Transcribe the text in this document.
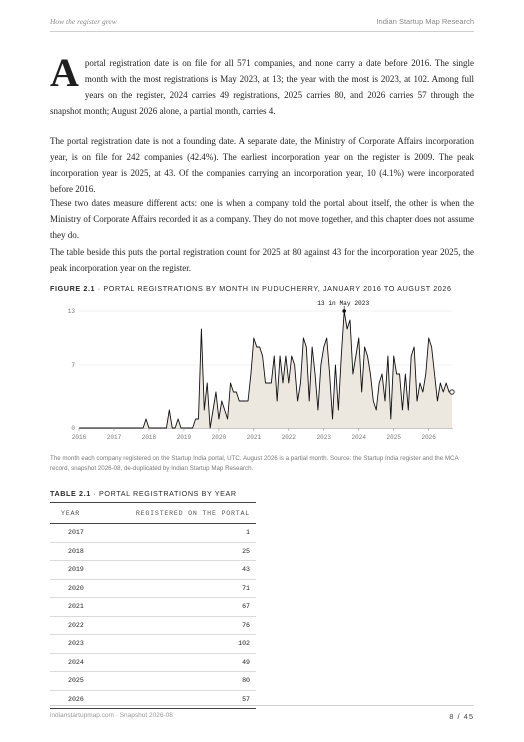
How the register grew	Indian Startup Map Research
A portal registration date is on file for all 571 companies, and none carry a date before 2016. The single month with the most registrations is May 2023, at 13; the year with the most is 2023, at 102. Among full years on the register, 2024 carries 49 registrations, 2025 carries 80, and 2026 carries 57 through the snapshot month; August 2026 alone, a partial month, carries 4.
The portal registration date is not a founding date. A separate date, the Ministry of Corporate Affairs incorporation year, is on file for 242 companies (42.4%). The earliest incorporation year on the register is 2009. The peak incorporation year is 2025, at 43. Of the companies carrying an incorporation year, 10 (4.1%) were incorporated before 2016.
These two dates measure different acts: one is when a company told the portal about itself, the other is when the Ministry of Corporate Affairs recorded it as a company. They do not move together, and this chapter does not assume they do.
The table beside this puts the portal registration count for 2025 at 80 against 43 for the incorporation year 2025, the peak incorporation year on the register.
FIGURE 2.1 · PORTAL REGISTRATIONS BY MONTH IN PUDUCHERRY, JANUARY 2016 TO AUGUST 2026
0
7
13
2016	2017	2018	2019	2020	2021	2022	2023	2024	2025	2026
13 in May 2023
The month each company registered on the Startup India portal, UTC. August 2026 is a partial month. Source: the Startup India register and the MCA record, snapshot 2026-08, de-duplicated by Indian Startup Map Research.
TABLE 2.1 · PORTAL REGISTRATIONS BY YEAR
YEAR	REGISTERED ON THE PORTAL
2017	1
2018	25
2019	43
2020	71
2021	67
2022	76
2023	102
2024	49
2025	80
2026	57
indianstartupmap.com · Snapshot 2026-08	8 / 45
